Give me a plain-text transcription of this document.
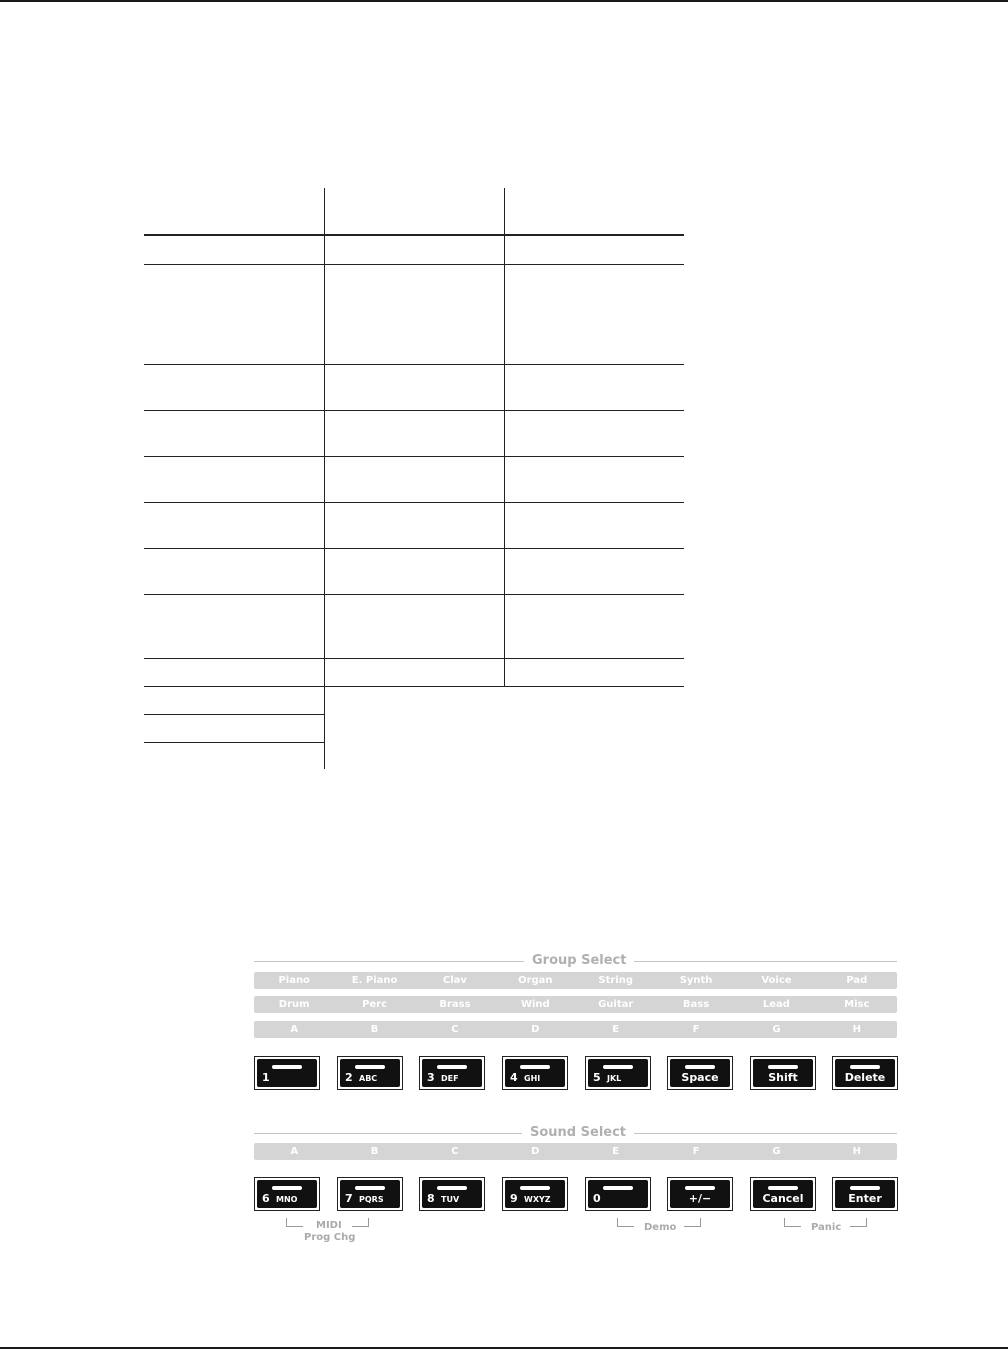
Group Select
Piano	E. Piano	Clav	Organ	String	Synth	Voice	Pad
Drum	Perc	Brass	Wind	Guitar	Bass	Lead	Misc
A	B	C	D	E	F	G	H
1	2 ABC	3 DEF	4 GHI	5 JKL	Space	Shift	Delete
Sound Select
A	B	C	D	E	F	G	H
6 MNO	7 PQRS	8 TUV	9 WXYZ	0	+/−	Cancel	Enter
MIDI
Prog Chg
Demo	Panic
